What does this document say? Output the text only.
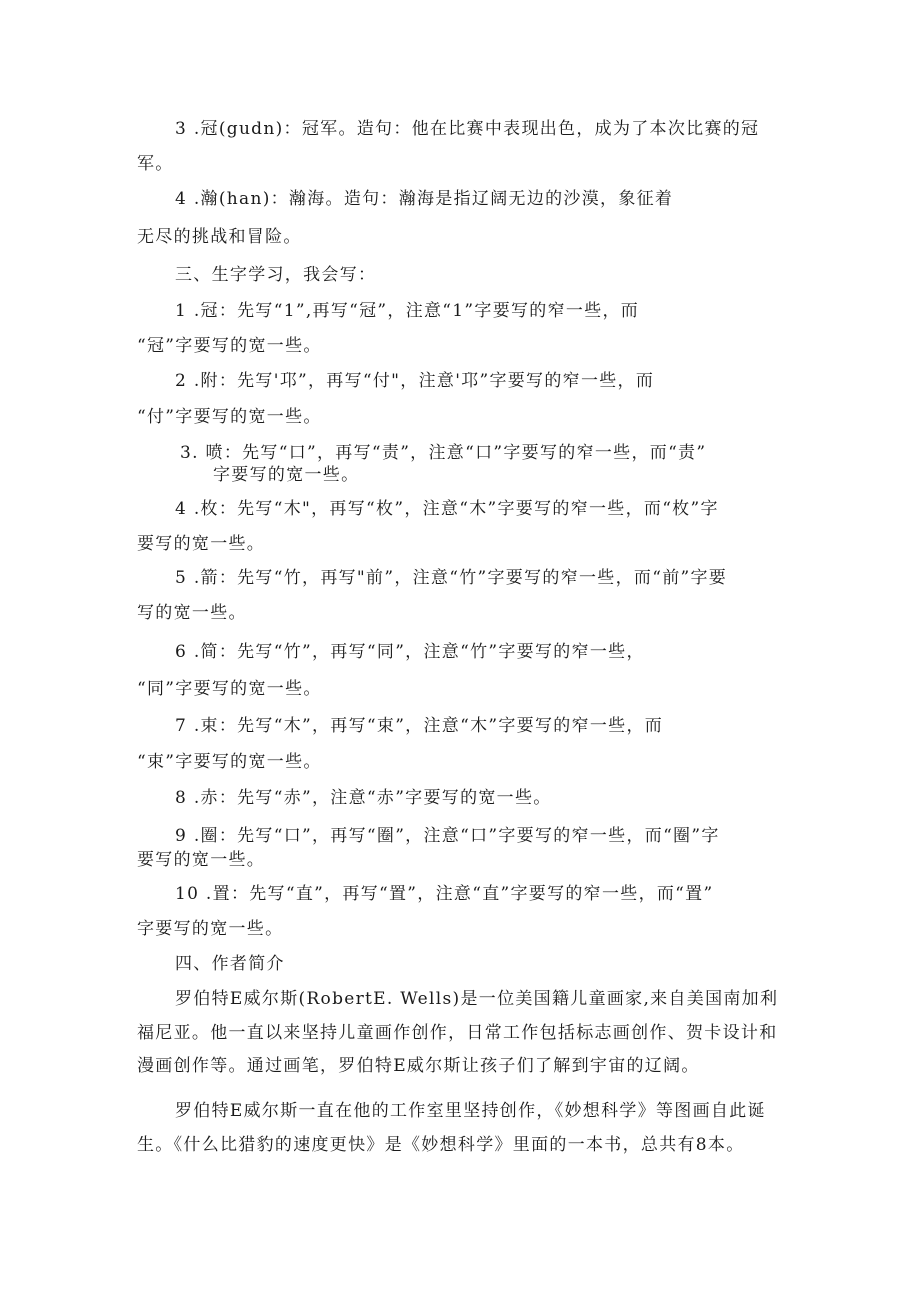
3 .冠(gudn)：冠军。造句：他在比赛中表现出色，成为了本次比赛的冠

军。

4 .瀚(han)：瀚海。造句：瀚海是指辽阔无边的沙漠，象征着

无尽的挑战和冒险。

三、生字学习，我会写：

1 .冠：先写“1”,再写“冠”，注意“1”字要写的窄一些，而

“冠”字要写的宽一些。

2 .附：先写'邛”，再写“付"，注意'邛”字要写的窄一些，而

“付”字要写的宽一些。

3. 喷：先写“口”，再写“责”，注意“口”字要写的窄一些，而“责”

字要写的宽一些。

4 .枚：先写“木"，再写“枚”，注意“木”字要写的窄一些，而“枚”字

要写的宽一些。

5 .箭：先写“竹，再写"前”，注意“竹”字要写的窄一些，而“前”字要

写的宽一些。

6 .简：先写“竹”，再写“同”，注意“竹”字要写的窄一些，

“同”字要写的宽一些。

7 .束：先写“木”，再写“束”，注意“木”字要写的窄一些，而

“束”字要写的宽一些。

8 .赤：先写“赤”，注意“赤”字要写的宽一些。

9 .圈：先写“口”，再写“圈”，注意“口”字要写的窄一些，而“圈”字

要写的宽一些。

10 .置：先写“直”，再写“置”，注意“直”字要写的窄一些，而“置”

字要写的宽一些。

四、作者简介

罗伯特E威尔斯(RobertE. Wells)是一位美国籍儿童画家,来自美国南加利

福尼亚。他一直以来坚持儿童画作创作，日常工作包括标志画创作、贺卡设计和

漫画创作等。通过画笔，罗伯特E威尔斯让孩子们了解到宇宙的辽阔。

罗伯特E威尔斯一直在他的工作室里坚持创作，《妙想科学》等图画自此诞

生。《什么比猎豹的速度更快》是《妙想科学》里面的一本书，总共有8本。
